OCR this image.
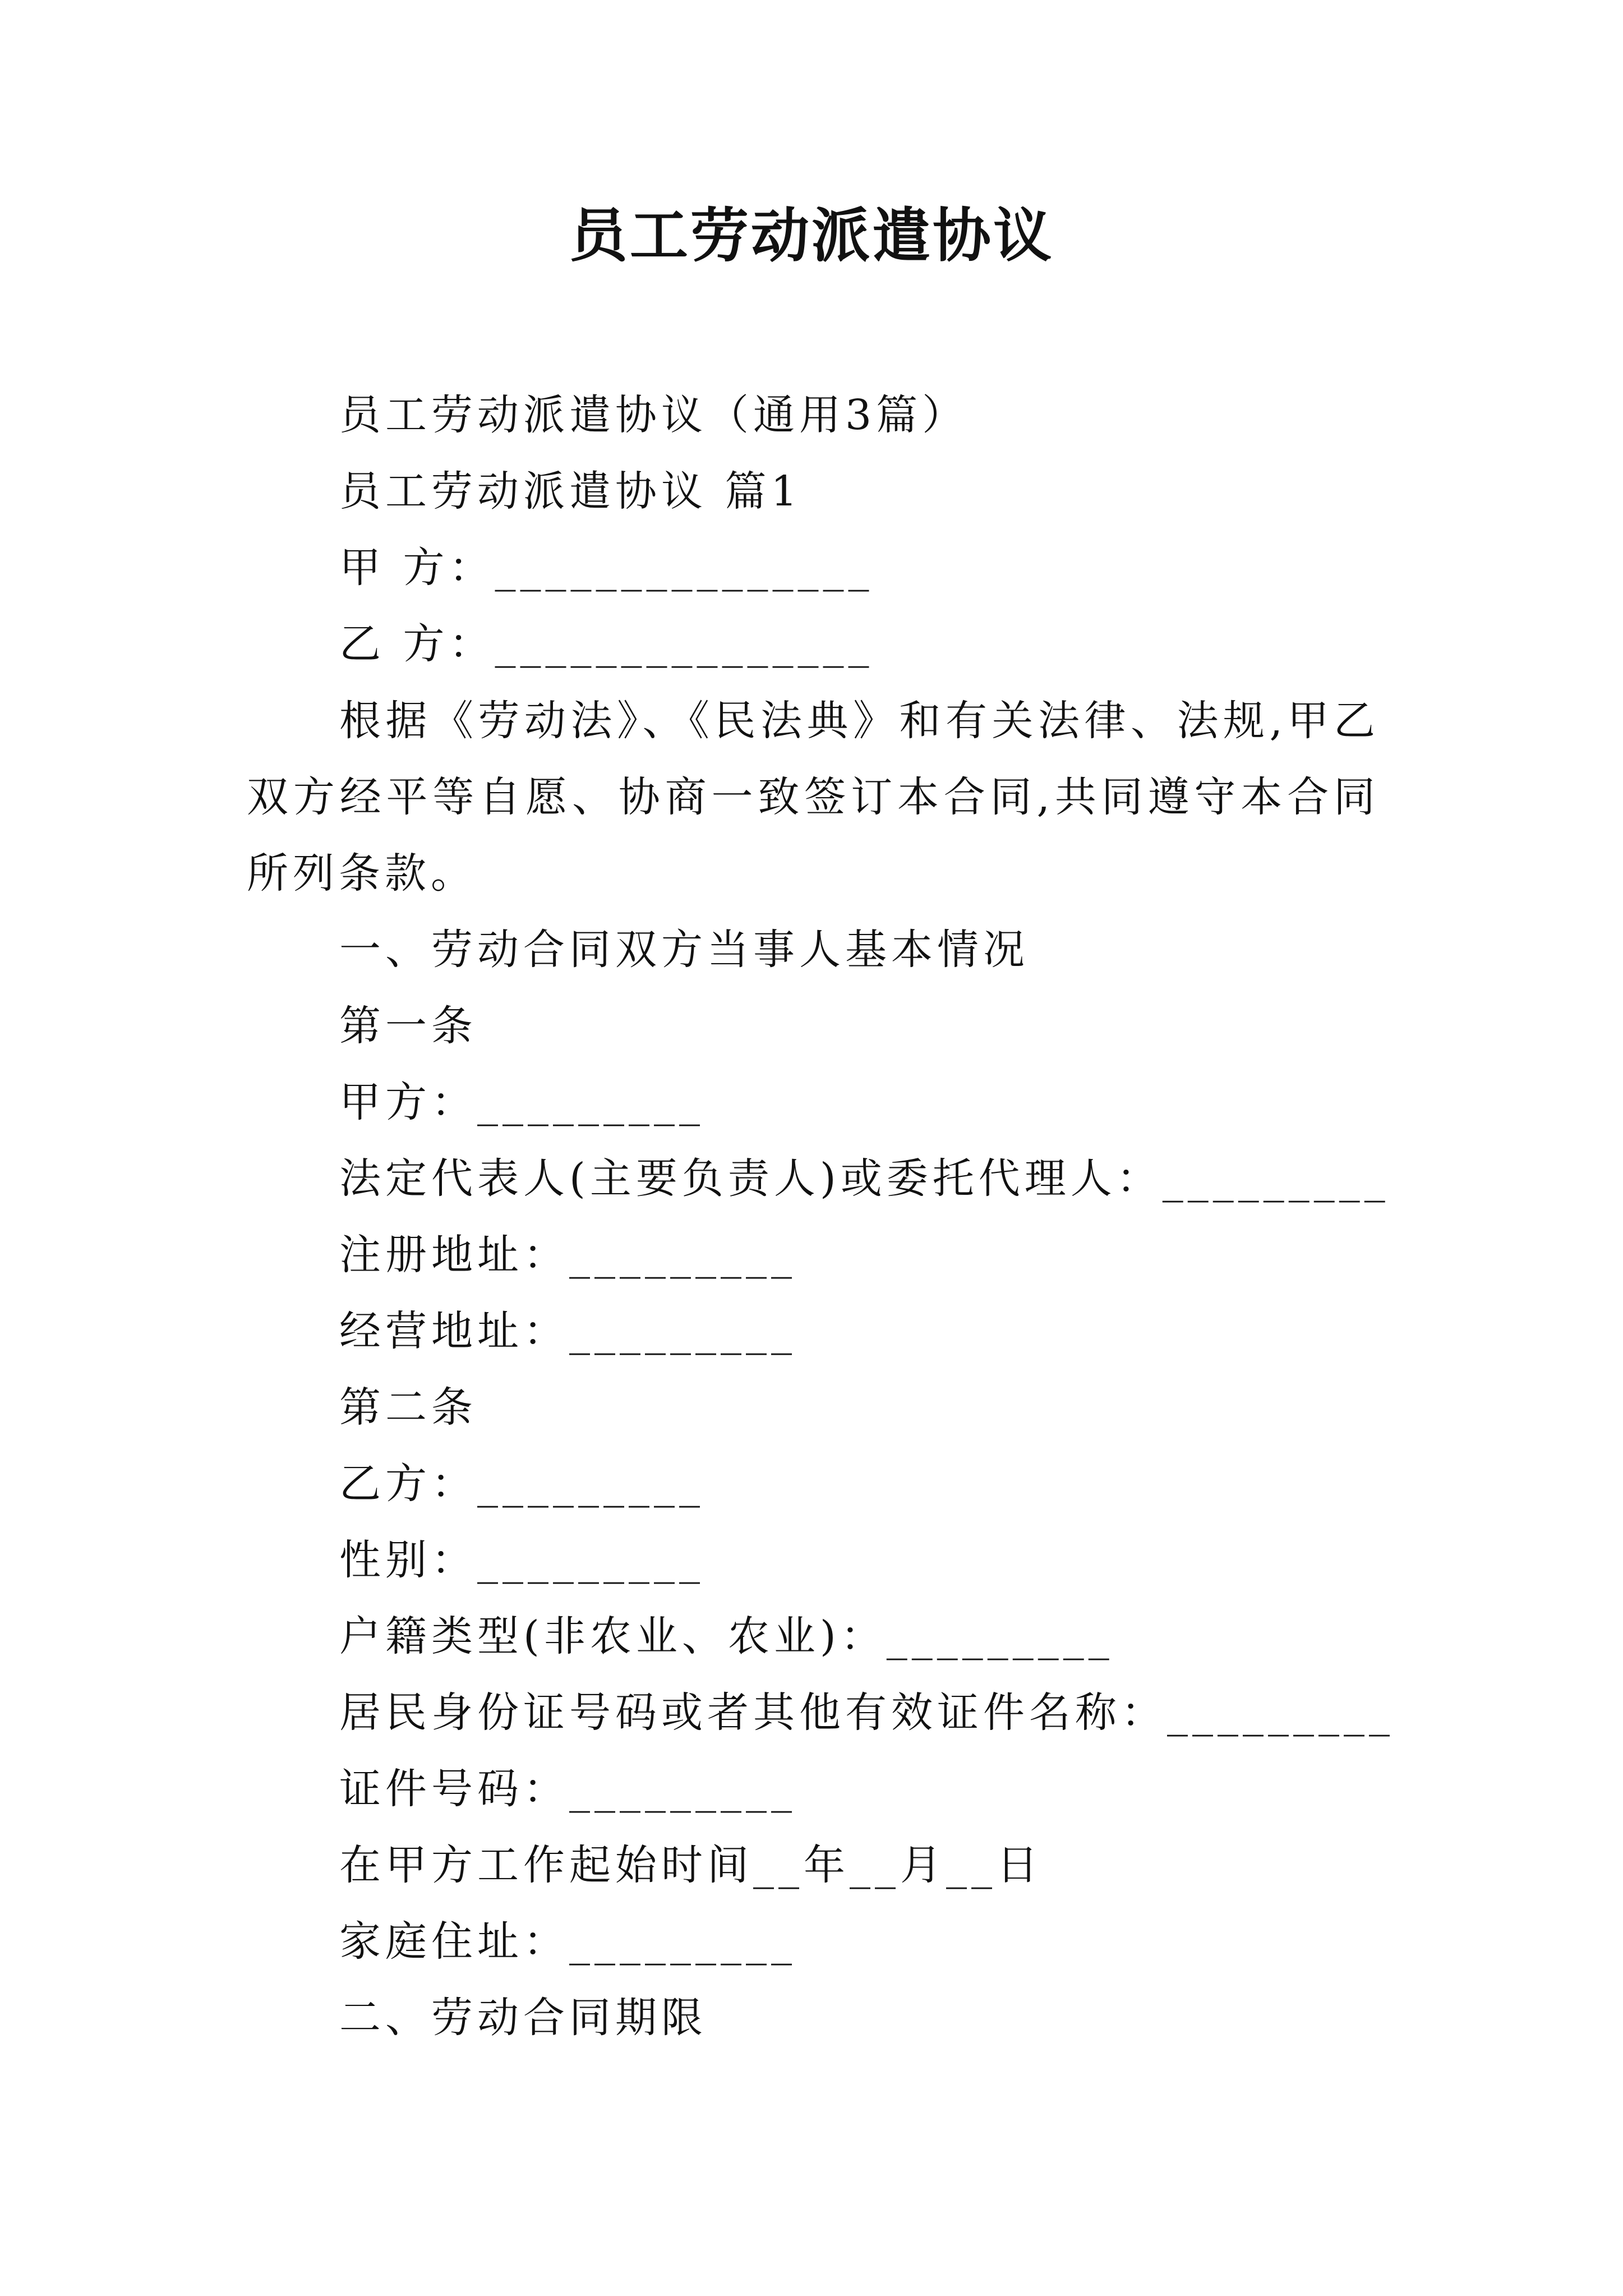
员工劳动派遣协议
员工劳动派遣协议（通用3篇）
员工劳动派遣协议 篇1
甲 方：_______________
乙 方：_______________
根据《劳动法》、《民法典》和有关法律、法规,甲乙双方经平等自愿、协商一致签订本合同,共同遵守本合同所列条款。
一、劳动合同双方当事人基本情况
第一条
甲方：_________
法定代表人(主要负责人)或委托代理人：_________
注册地址：_________
经营地址：_________
第二条
乙方：_________
性别：_________
户籍类型(非农业、农业)：_________
居民身份证号码或者其他有效证件名称：_________
证件号码：_________
在甲方工作起始时间__年__月__日
家庭住址：_________
二、劳动合同期限
